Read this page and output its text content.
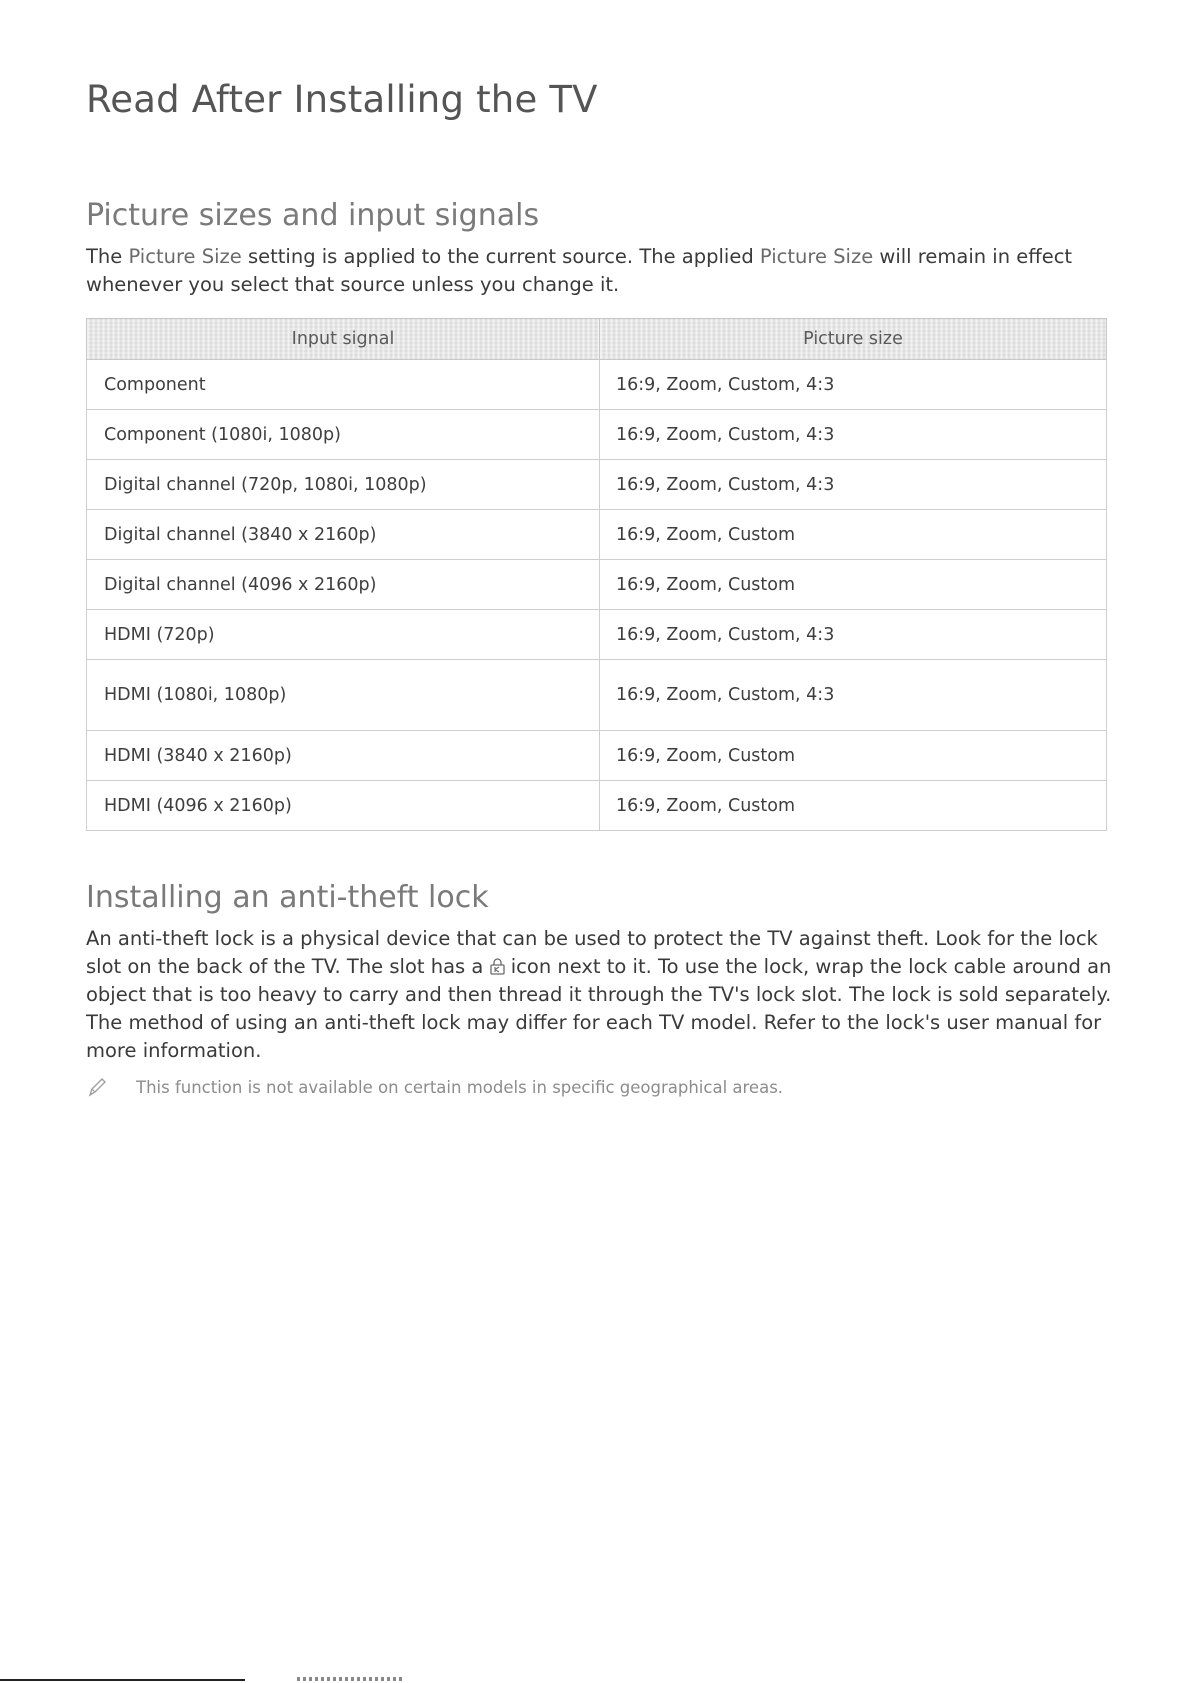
Read After Installing the TV
Picture sizes and input signals

The Picture Size setting is applied to the current source. The applied Picture Size will remain in effect whenever you select that source unless you change it.

Input signal	Picture size
Component	16:9, Zoom, Custom, 4:3
Component (1080i, 1080p)	16:9, Zoom, Custom, 4:3
Digital channel (720p, 1080i, 1080p)	16:9, Zoom, Custom, 4:3
Digital channel (3840 x 2160p)	16:9, Zoom, Custom
Digital channel (4096 x 2160p)	16:9, Zoom, Custom
HDMI (720p)	16:9, Zoom, Custom, 4:3
HDMI (1080i, 1080p)	16:9, Zoom, Custom, 4:3
HDMI (3840 x 2160p)	16:9, Zoom, Custom
HDMI (4096 x 2160p)	16:9, Zoom, Custom
Installing an anti-theft lock

An anti-theft lock is a physical device that can be used to protect the TV against theft. Look for the lock slot on the back of the TV. The slot has a  icon next to it. To use the lock, wrap the lock cable around an object that is too heavy to carry and then thread it through the TV's lock slot. The lock is sold separately. The method of using an anti-theft lock may differ for each TV model. Refer to the lock's user manual for more information.

This function is not available on certain models in specific geographical areas.
